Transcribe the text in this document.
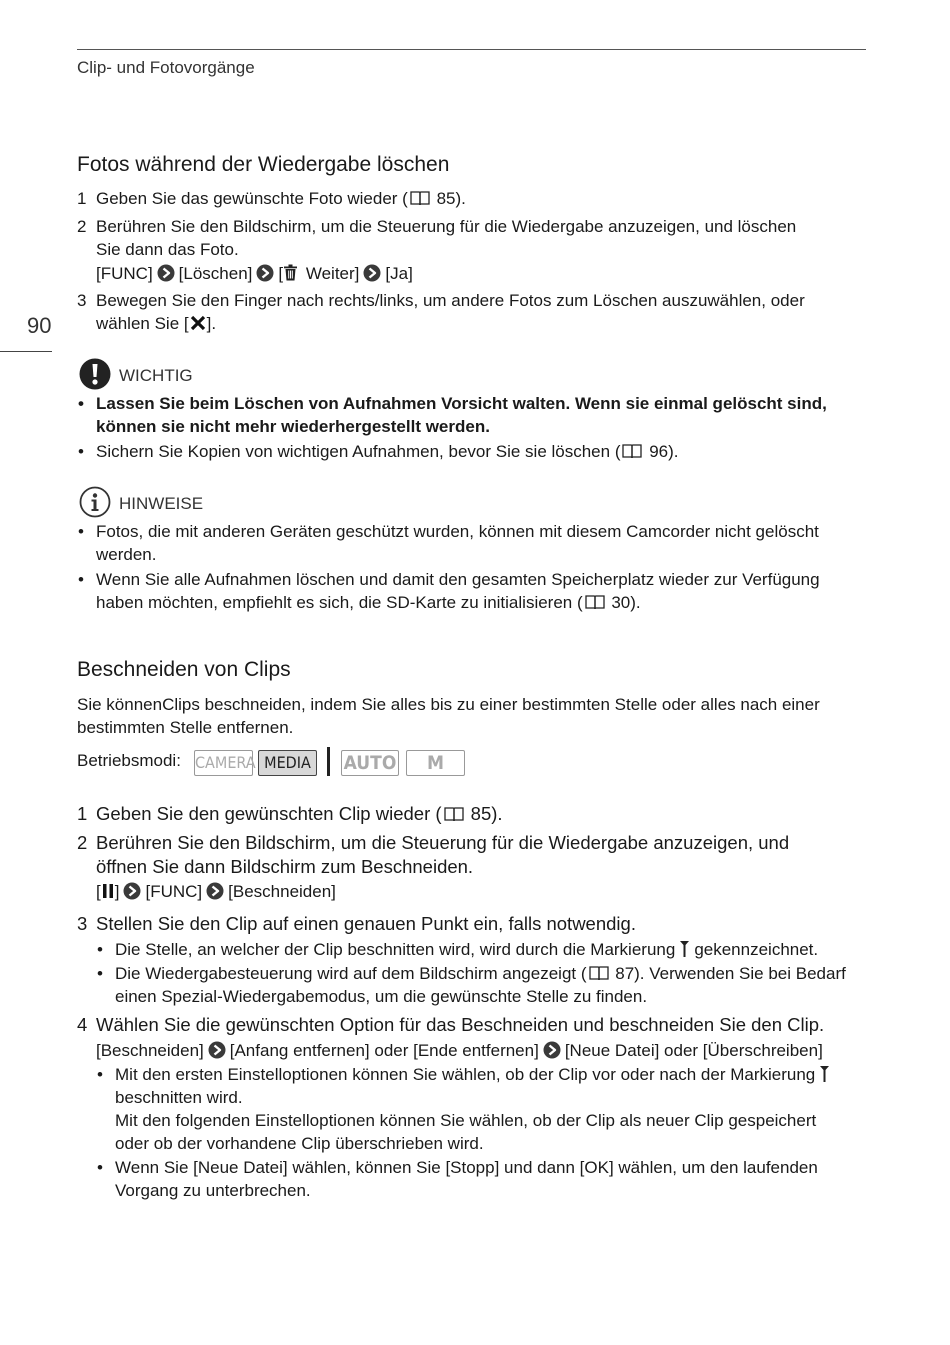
Clip- und Fotovorgänge
90
Fotos während der Wiedergabe löschen
1 Geben Sie das gewünschte Foto wieder ( 85).
2 Berühren Sie den Bildschirm, um die Steuerung für die Wiedergabe anzuzeigen, und löschen
Sie dann das Foto.
[FUNC] [Löschen] [ Weiter] [Ja]
3 Bewegen Sie den Finger nach rechts/links, um andere Fotos zum Löschen auszuwählen, oder
wählen Sie [ ].
WICHTIG
• Lassen Sie beim Löschen von Aufnahmen Vorsicht walten. Wenn sie einmal gelöscht sind,
können sie nicht mehr wiederhergestellt werden.
• Sichern Sie Kopien von wichtigen Aufnahmen, bevor Sie sie löschen ( 96).
HINWEISE
• Fotos, die mit anderen Geräten geschützt wurden, können mit diesem Camcorder nicht gelöscht
werden.
• Wenn Sie alle Aufnahmen löschen und damit den gesamten Speicherplatz wieder zur Verfügung
haben möchten, empfiehlt es sich, die SD-Karte zu initialisieren ( 30).
Beschneiden von Clips
Sie könnenClips beschneiden, indem Sie alles bis zu einer bestimmten Stelle oder alles nach einer
bestimmten Stelle entfernen.
Betriebsmodi: CAMERA MEDIA	AUTO	M
1 Geben Sie den gewünschten Clip wieder ( 85).
2 Berühren Sie den Bildschirm, um die Steuerung für die Wiedergabe anzuzeigen, und
öffnen Sie dann Bildschirm zum Beschneiden.
[ ] [FUNC] [Beschneiden]
3 Stellen Sie den Clip auf einen genauen Punkt ein, falls notwendig.
• Die Stelle, an welcher der Clip beschnitten wird, wird durch die Markierung gekennzeichnet.
• Die Wiedergabesteuerung wird auf dem Bildschirm angezeigt ( 87). Verwenden Sie bei Bedarf
einen Spezial-Wiedergabemodus, um die gewünschte Stelle zu finden.
4 Wählen Sie die gewünschten Option für das Beschneiden und beschneiden Sie den Clip.
[Beschneiden] [Anfang entfernen] oder [Ende entfernen] [Neue Datei] oder [Überschreiben]
• Mit den ersten Einstelloptionen können Sie wählen, ob der Clip vor oder nach der Markierung
beschnitten wird.
Mit den folgenden Einstelloptionen können Sie wählen, ob der Clip als neuer Clip gespeichert
oder ob der vorhandene Clip überschrieben wird.
• Wenn Sie [Neue Datei] wählen, können Sie [Stopp] und dann [OK] wählen, um den laufenden
Vorgang zu unterbrechen.
